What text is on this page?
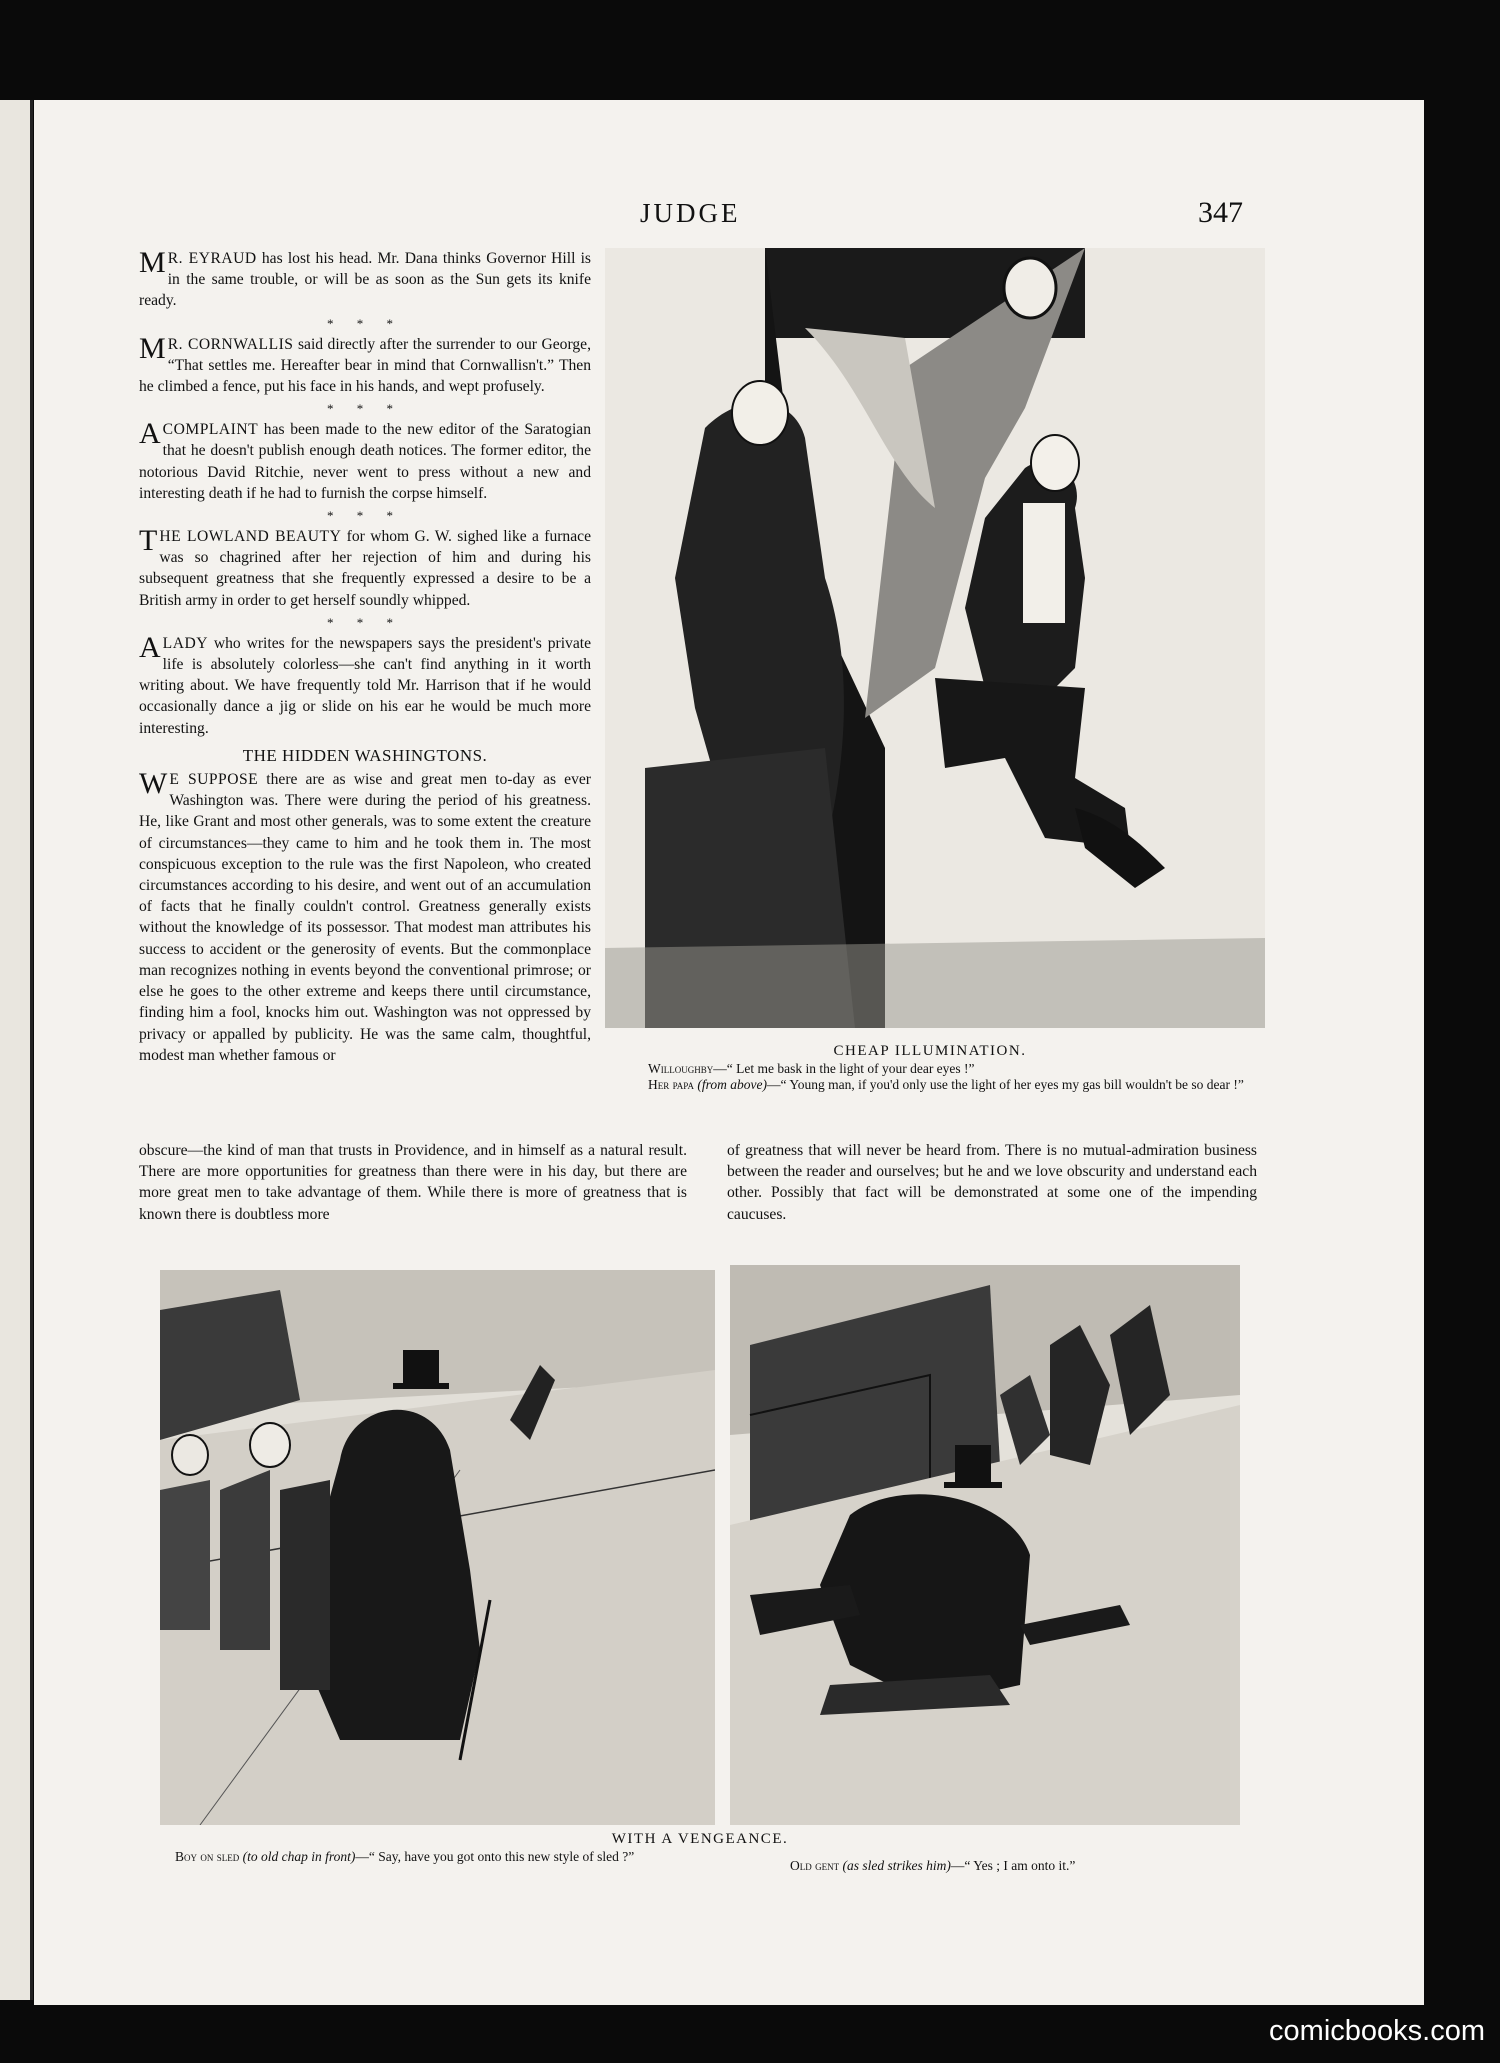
JUDGE	347

M R. EYRAUD has lost his head. Mr. Dana thinks Governor Hill is in the same trouble, or will be as soon as the Sun gets its knife ready.

* * *

M R. CORNWALLIS said directly after the surrender to our George, “That settles me. Hereafter bear in mind that Cornwallisn't.” Then he climbed a fence, put his face in his hands, and wept profusely.

* * *

A COMPLAINT has been made to the new editor of the Saratogian that he doesn't publish enough death notices. The former editor, the notorious David Ritchie, never went to press without a new and interesting death if he had to furnish the corpse himself.

* * *

THE LOWLAND BEAUTY for whom G. W. sighed like a furnace was so chagrined after her rejection of him and during his subsequent greatness that she frequently expressed a desire to be a British army in order to get herself soundly whipped.

* * *

A LADY who writes for the newspapers says the president's private life is absolutely colorless—she can't find anything in it worth writing about. We have frequently told Mr. Harrison that if he would occasionally dance a jig or slide on his ear he would be much more interesting.

THE HIDDEN WASHINGTONS.

W E SUPPOSE there are as wise and great men to-day as ever Washington was. There were during the period of his greatness. He, like Grant and most other generals, was to some extent the creature of circumstances—they came to him and he took them in. The most conspicuous exception to the rule was the first Napoleon, who created circumstances according to his desire, and went out of an accumulation of facts that he finally couldn't control. Greatness generally exists without the knowledge of its possessor. That modest man attributes his success to accident or the generosity of events. But the commonplace man recognizes nothing in events beyond the conventional primrose; or else he goes to the other extreme and keeps there until circumstance, finding him a fool, knocks him out. Washington was not oppressed by privacy or appalled by publicity. He was the same calm, thoughtful, modest man whether famous or

obscure—the kind of man that trusts in Providence, and in himself as a natural result. There are more opportunities for greatness than there were in his day, but there are more great men to take advantage of them. While there is more of greatness that is known there is doubtless more

of greatness that will never be heard from. There is no mutual-admiration business between the reader and ourselves; but he and we love obscurity and understand each other. Possibly that fact will be demonstrated at some one of the impending caucuses.

CHEAP ILLUMINATION.
Willoughby—“ Let me bask in the light of your dear eyes !”
Her papa (from above)—“ Young man, if you'd only use the light of her eyes my gas bill wouldn't be so dear !”
WITH A VENGEANCE.
Boy on sled (to old chap in front)—“ Say, have you got onto this new style of sled ?”
Old gent (as sled strikes him)—“ Yes ; I am onto it.”
comicbooks.com
